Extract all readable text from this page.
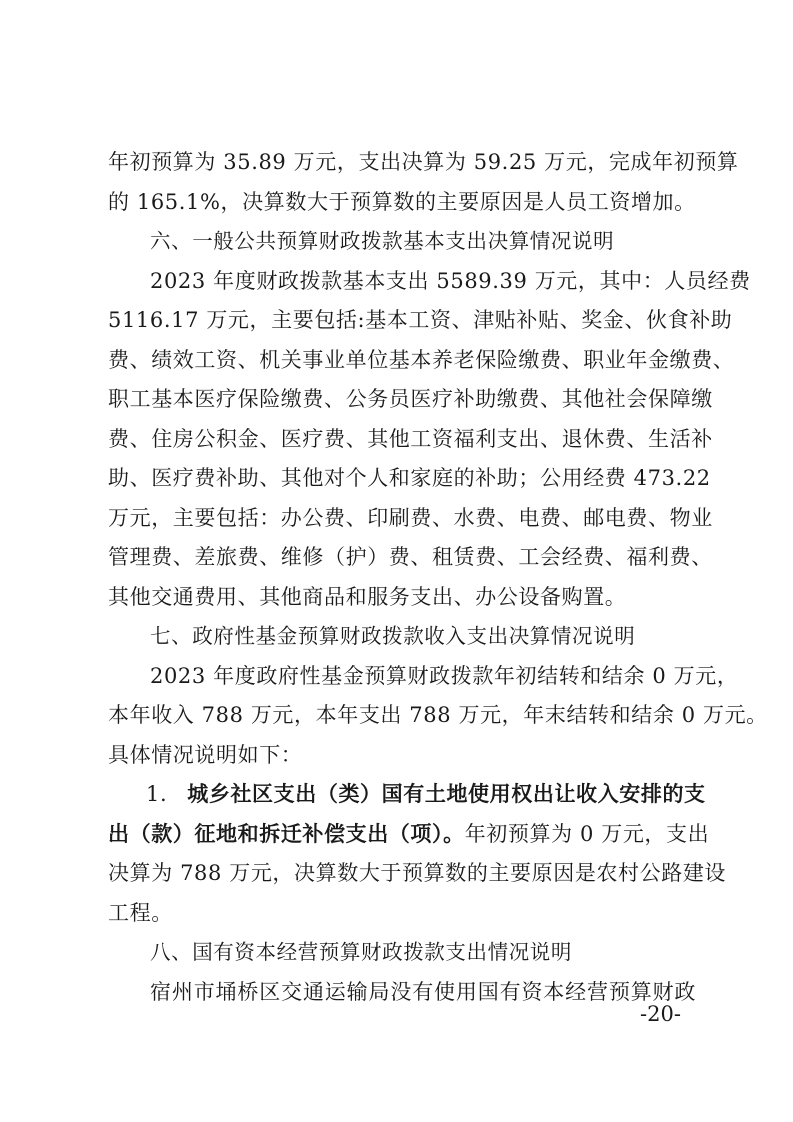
年初预算为 35.89 万元，支出决算为 59.25 万元，完成年初预算
的 165.1%，决算数大于预算数的主要原因是人员工资增加。
六、一般公共预算财政拨款基本支出决算情况说明
2023 年度财政拨款基本支出 5589.39 万元，其中：人员经费
5116.17 万元，主要包括:基本工资、津贴补贴、奖金、伙食补助
费、绩效工资、机关事业单位基本养老保险缴费、职业年金缴费、
职工基本医疗保险缴费、公务员医疗补助缴费、其他社会保障缴
费、住房公积金、医疗费、其他工资福利支出、退休费、生活补
助、医疗费补助、其他对个人和家庭的补助；公用经费 473.22
万元，主要包括：办公费、印刷费、水费、电费、邮电费、物业
管理费、差旅费、维修（护）费、租赁费、工会经费、福利费、
其他交通费用、其他商品和服务支出、办公设备购置。
七、政府性基金预算财政拨款收入支出决算情况说明
2023 年度政府性基金预算财政拨款年初结转和结余 0 万元，
本年收入 788 万元，本年支出 788 万元，年末结转和结余 0 万元。
具体情况说明如下：
1. 城乡社区支出（类）国有土地使用权出让收入安排的支
出（款）征地和拆迁补偿支出（项）。年初预算为 0 万元，支出
决算为 788 万元，决算数大于预算数的主要原因是农村公路建设
工程。
八、国有资本经营预算财政拨款支出情况说明
宿州市埇桥区交通运输局没有使用国有资本经营预算财政
-20-
